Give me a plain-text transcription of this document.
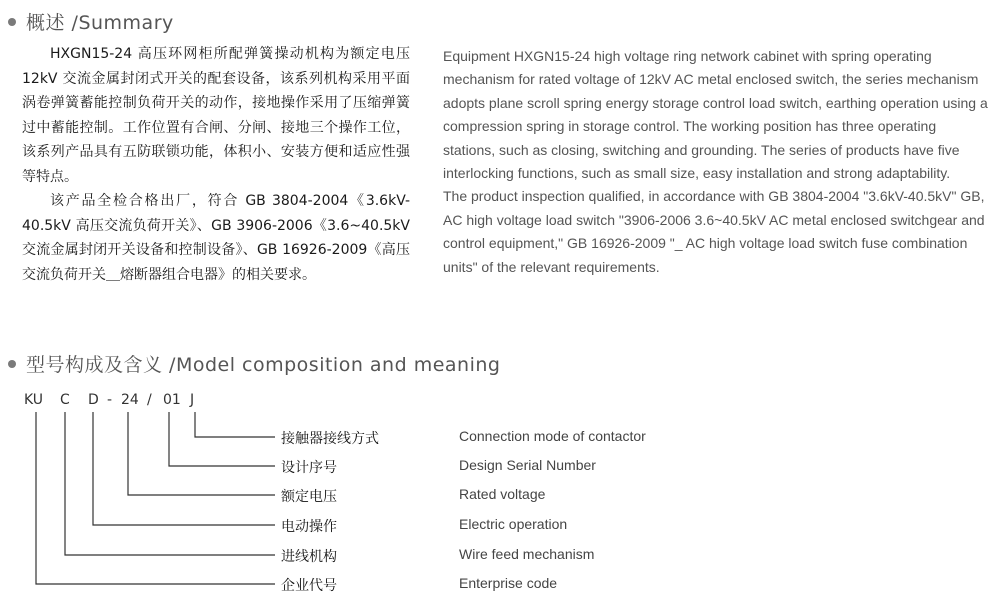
概述 /Summary

HXGN15-24 高压环网柜所配弹簧操动机构为额定电压 12kV 交流金属封闭式开关的配套设备，该系列机构采用平面涡卷弹簧蓄能控制负荷开关的动作，接地操作采用了压缩弹簧过中蓄能控制。工作位置有合闸、分闸、接地三个操作工位，该系列产品具有五防联锁功能，体积小、安装方便和适应性强等特点。

该产品全检合格出厂，符合 GB 3804-2004《3.6kV-40.5kV 高压交流负荷开关》、GB 3906-2006《3.6~40.5kV 交流金属封闭开关设备和控制设备》、GB 16926-2009《高压交流负荷开关＿熔断器组合电器》的相关要求。

Equipment HXGN15-24 high voltage ring network cabinet with spring operating mechanism for rated voltage of 12kV AC metal enclosed switch, the series mechanism adopts plane scroll spring energy storage control load switch, earthing operation using a compression spring in storage control. The working position has three operating stations, such as closing, switching and grounding. The series of products have five interlocking functions, such as small size, easy installation and strong adaptability.

The product inspection qualified, in accordance with GB 3804-2004 "3.6kV-40.5kV" GB, AC high voltage load switch "3906-2006 3.6~40.5kV AC metal enclosed switchgear and control equipment," GB 16926-2009 "_ AC high voltage load switch fuse combination units" of the relevant requirements.

型号构成及含义 /Model composition and meaning
KU C D - 24 / 01 J
接触器接线方式	Connection mode of contactor
设计序号	Design Serial Number
额定电压	Rated voltage
电动操作	Electric operation
进线机构	Wire feed mechanism
企业代号	Enterprise code
